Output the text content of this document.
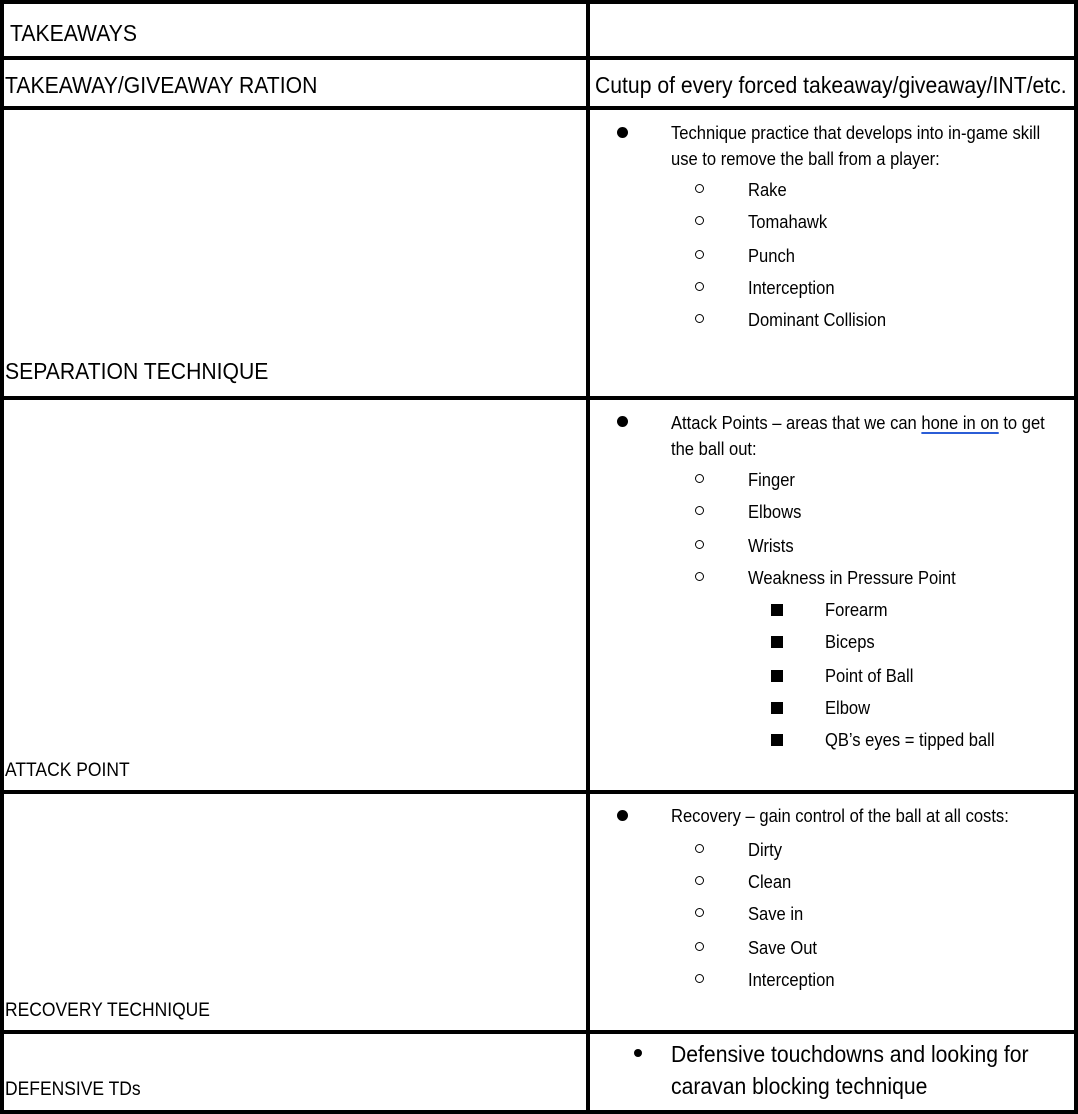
TAKEAWAYS
TAKEAWAY/GIVEAWAY RATION	Cutup of every forced takeaway/giveaway/INT/etc.
SEPARATION TECHNIQUE
Technique practice that develops into in-game skill
use to remove the ball from a player:
Rake
Tomahawk
Punch
Interception
Dominant Collision
ATTACK POINT
Attack Points – areas that we can hone in on to get
the ball out:
Finger
Elbows
Wrists
Weakness in Pressure Point
Forearm
Biceps
Point of Ball
Elbow
QB’s eyes = tipped ball
RECOVERY TECHNIQUE
Recovery – gain control of the ball at all costs:
Dirty
Clean
Save in
Save Out
Interception
DEFENSIVE TDs
Defensive touchdowns and looking for
caravan blocking technique
